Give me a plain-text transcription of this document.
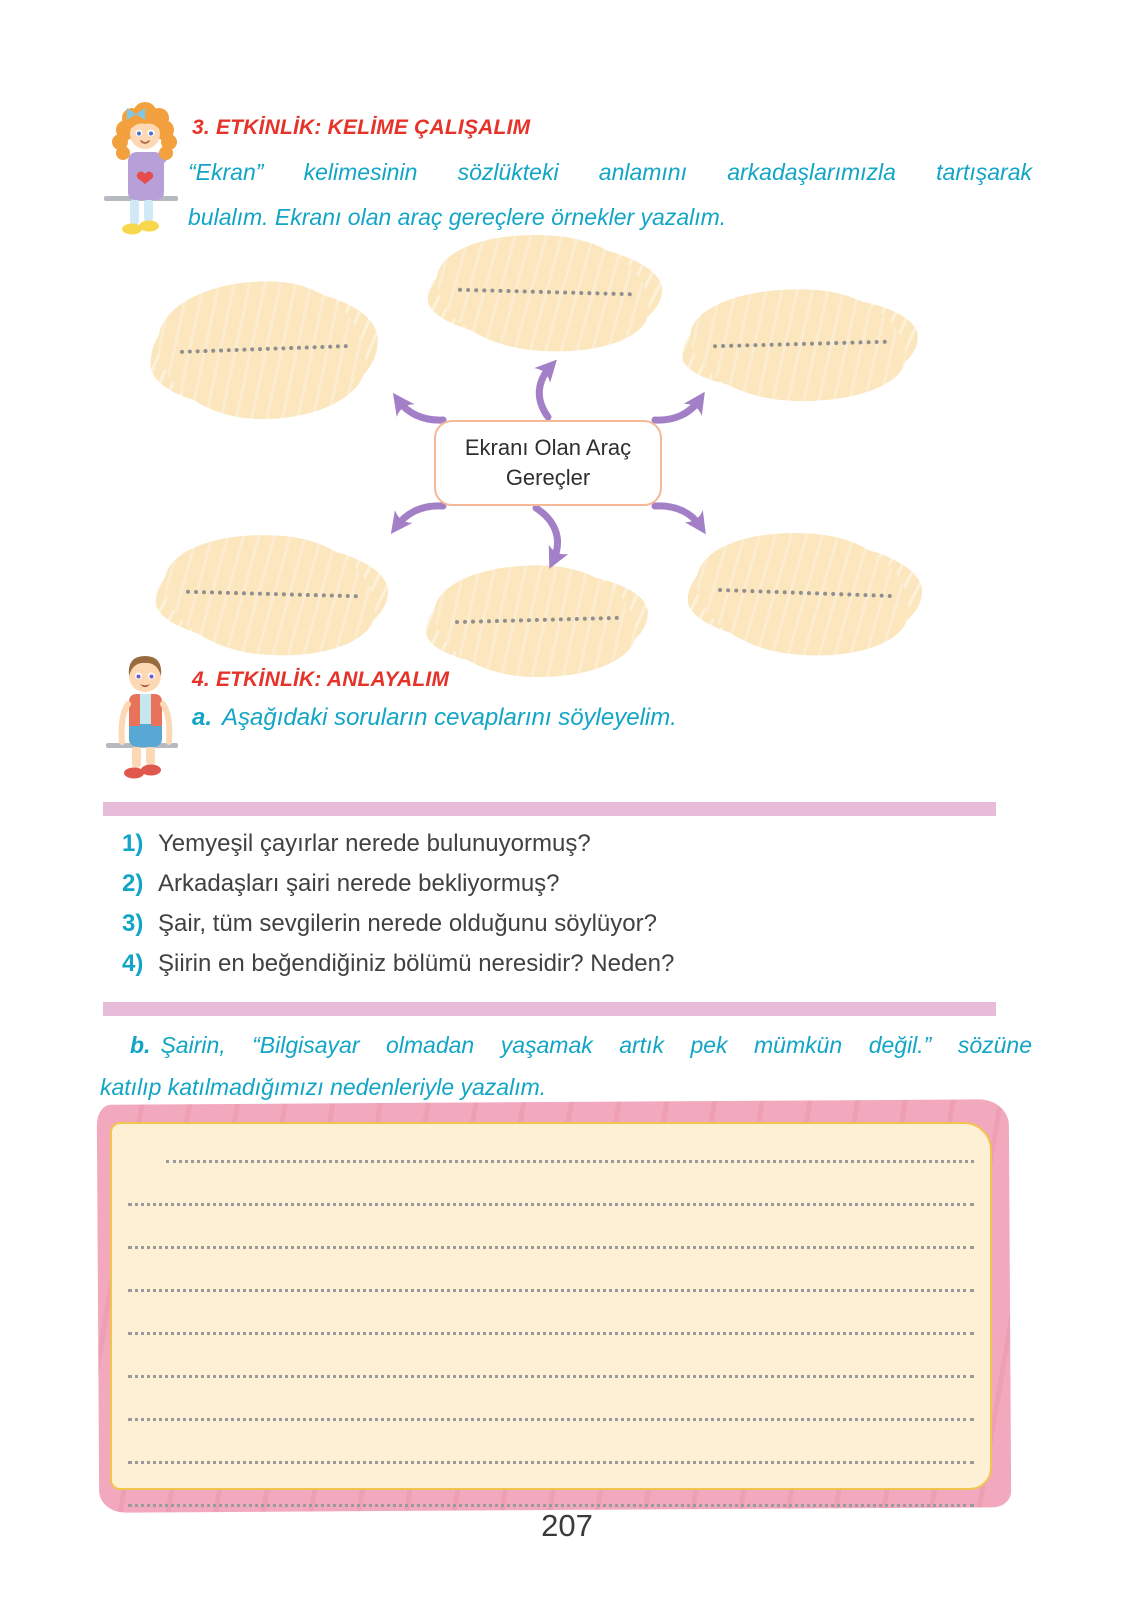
3. ETKİNLİK: KELİME ÇALIŞALIM
“Ekran” kelimesinin sözlükteki anlamını arkadaşlarımızla tartışarak
bulalım. Ekranı olan araç gereçlere örnekler yazalım.
Ekranı Olan Araç Gereçler
4. ETKİNLİK: ANLAYALIM
a. Aşağıdaki soruların cevaplarını söyleyelim.
1) Yemyeşil çayırlar nerede bulunuyormuş?
2) Arkadaşları şairi nerede bekliyormuş?
3) Şair, tüm sevgilerin nerede olduğunu söylüyor?
4) Şiirin en beğendiğiniz bölümü neresidir? Neden?
b. Şairin, “Bilgisayar olmadan yaşamak artık pek mümkün değil.” sözüne
katılıp katılmadığımızı nedenleriyle yazalım.
207
